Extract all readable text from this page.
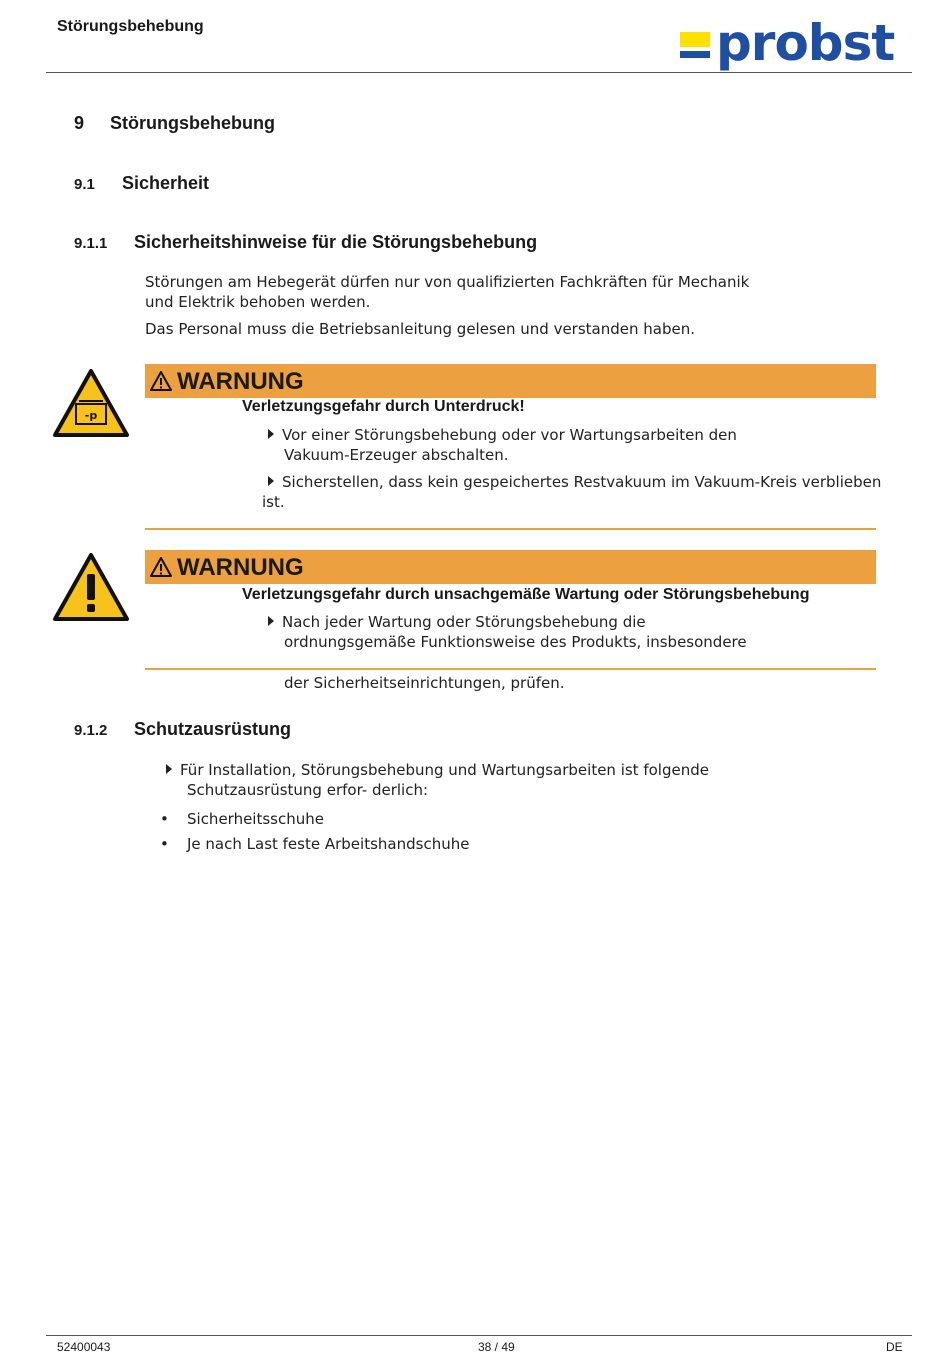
Störungsbehebung	probst
9 Störungsbehebung
9.1 Sicherheit
9.1.1 Sicherheitshinweise für die Störungsbehebung
Störungen am Hebegerät dürfen nur von qualifizierten Fachkräften für Mechanik
und Elektrik behoben werden.
Das Personal muss die Betriebsanleitung gelesen und verstanden haben.
-p
WARNUNG
Verletzungsgefahr durch Unterdruck!
Vor einer Störungsbehebung oder vor Wartungsarbeiten den
Vakuum-Erzeuger abschalten.
Sicherstellen, dass kein gespeichertes Restvakuum im Vakuum-Kreis verblieben
ist.
WARNUNG
Verletzungsgefahr durch unsachgemäße Wartung oder Störungsbehebung
Nach jeder Wartung oder Störungsbehebung die
ordnungsgemäße Funktionsweise des Produkts, insbesondere
der Sicherheitseinrichtungen, prüfen.
9.1.2 Schutzausrüstung
Für Installation, Störungsbehebung und Wartungsarbeiten ist folgende
Schutzausrüstung erfor- derlich:
• Sicherheitsschuhe
• Je nach Last feste Arbeitshandschuhe
52400043	38 / 49	DE
